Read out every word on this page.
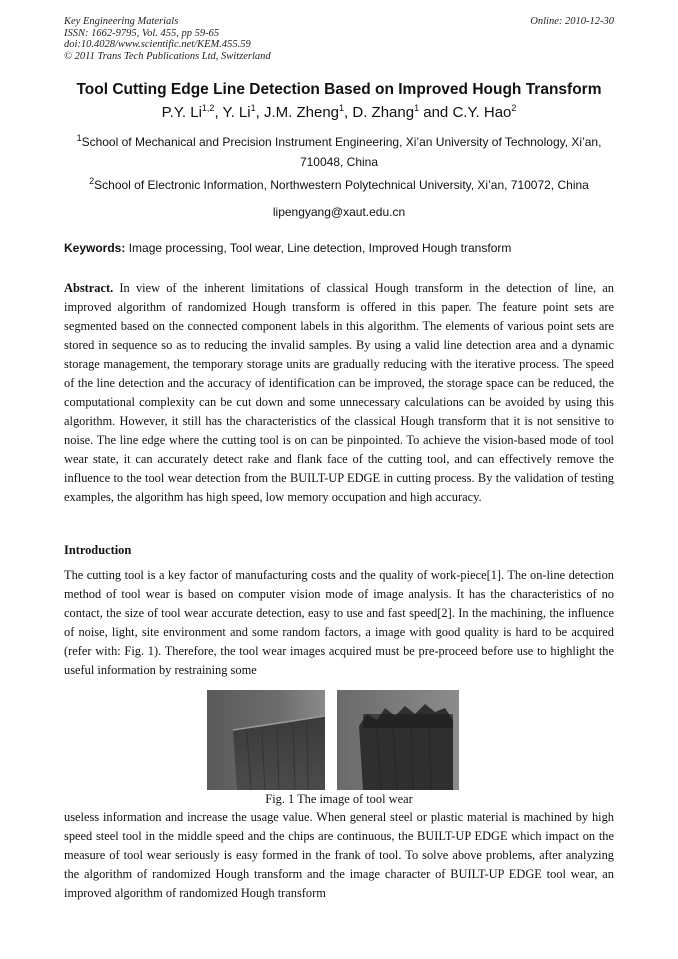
Key Engineering Materials
ISSN: 1662-9795, Vol. 455, pp 59-65
doi:10.4028/www.scientific.net/KEM.455.59
© 2011 Trans Tech Publications Ltd, Switzerland
Online: 2010-12-30
Tool Cutting Edge Line Detection Based on Improved Hough Transform
P.Y. Li$^{1,2}$, Y. Li$^1$, J.M. Zheng$^1$, D. Zhang$^1$ and C.Y. Hao$^2$
$^1$School of Mechanical and Precision Instrument Engineering, Xi’an University of Technology, Xi’an, 710048, China
$^2$School of Electronic Information, Northwestern Polytechnical University, Xi’an, 710072, China
lipengyang@xaut.edu.cn
Keywords: Image processing, Tool wear, Line detection, Improved Hough transform
Abstract. In view of the inherent limitations of classical Hough transform in the detection of line, an improved algorithm of randomized Hough transform is offered in this paper. The feature point sets are segmented based on the connected component labels in this algorithm. The elements of various point sets are stored in sequence so as to reducing the invalid samples. By using a valid line detection area and a dynamic storage management, the temporary storage units are gradually reducing with the iterative process. The speed of the line detection and the accuracy of identification can be improved, the storage space can be reduced, the computational complexity can be cut down and some unnecessary calculations can be avoided by using this algorithm. However, it still has the characteristics of the classical Hough transform that it is not sensitive to noise. The line edge where the cutting tool is on can be pinpointed. To achieve the vision-based mode of tool wear state, it can accurately detect rake and flank face of the cutting tool, and can effectively remove the influence to the tool wear detection from the BUILT-UP EDGE in cutting process. By the validation of testing examples, the algorithm has high speed, low memory occupation and high accuracy.
Introduction
The cutting tool is a key factor of manufacturing costs and the quality of work-piece[1]. The on-line detection method of tool wear is based on computer vision mode of image analysis. It has the characteristics of no contact, the size of tool wear accurate detection, easy to use and fast speed[2]. In the machining, the influence of noise, light, site environment and some random factors, a image with good quality is hard to be acquired (refer with: Fig. 1). Therefore, the tool wear images acquired must be pre-proceed before use to highlight the useful information by restraining some
Fig. 1 The image of tool wear
useless information and increase the usage value. When general steel or plastic material is machined by high speed steel tool in the middle speed and the chips are continuous, the BUILT-UP EDGE which impact on the measure of tool wear seriously is easy formed in the frank of tool. To solve above problems, after analyzing the algorithm of randomized Hough transform and the image character of BUILT-UP EDGE tool wear, an improved algorithm of randomized Hough transform
